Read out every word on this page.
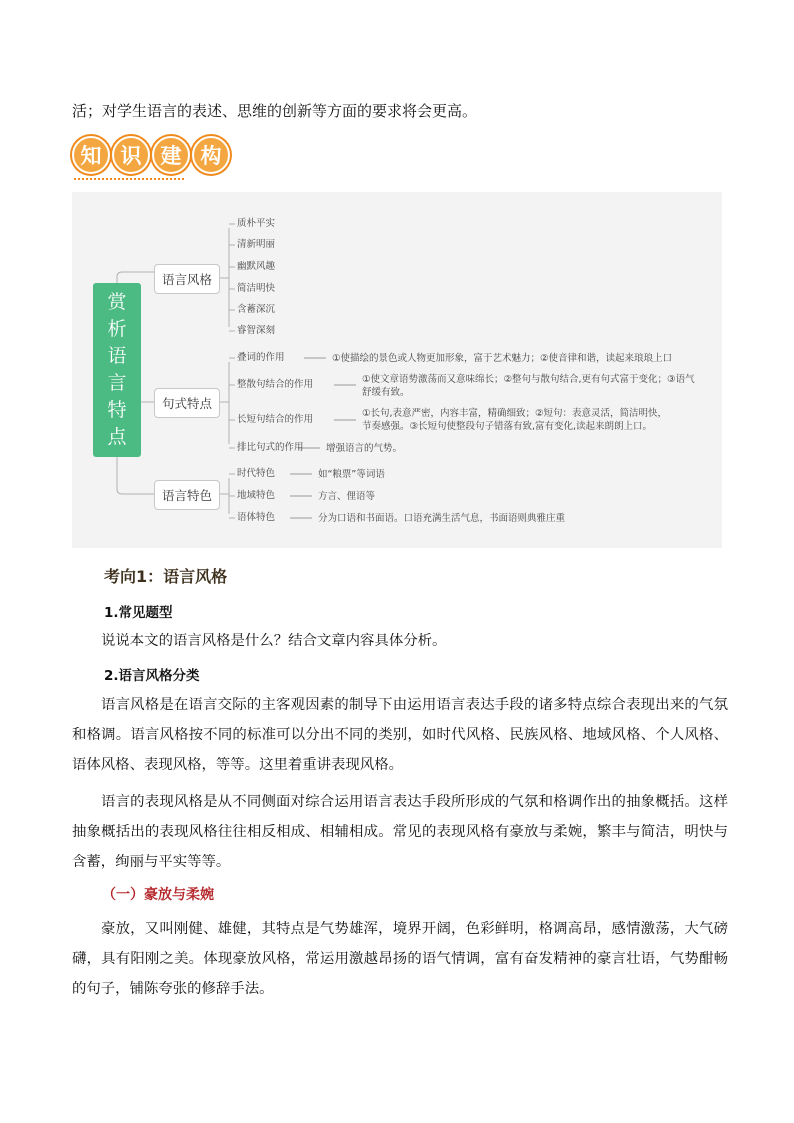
活；对学生语言的表述、思维的创新等方面的要求将会更高。
知 识 建 构
赏
析
语
言
特
点
语言风格
句式特点
语言特色
质朴平实
清新明丽
幽默风趣
简洁明快
含蓄深沉
睿智深刻
叠词的作用
整散句结合的作用
长短句结合的作用
排比句式的作用
时代特色
地域特色
语体特色
①使描绘的景色或人物更加形象，富于艺术魅力；②使音律和谐，读起来琅琅上口
①使文章语势激荡而又意味绵长；②整句与散句结合,更有句式富于变化；③语气舒缓有致。
①长句,表意严密，内容丰富，精确细致；②短句：表意灵活，简洁明快，节奏感强。③长短句使整段句子错落有致,富有变化,读起来朗朗上口。
增强语言的气势。
如“粮票”等词语
方言、俚语等
分为口语和书面语。口语充满生活气息，书面语则典雅庄重
考向1：语言风格
1.常见题型
说说本文的语言风格是什么？结合文章内容具体分析。
2.语言风格分类
语言风格是在语言交际的主客观因素的制导下由运用语言表达手段的诸多特点综合表现出来的气氛和格调。语言风格按不同的标准可以分出不同的类别，如时代风格、民族风格、地域风格、个人风格、语体风格、表现风格，等等。这里着重讲表现风格。
语言的表现风格是从不同侧面对综合运用语言表达手段所形成的气氛和格调作出的抽象概括。这样抽象概括出的表现风格往往相反相成、相辅相成。常见的表现风格有豪放与柔婉，繁丰与简洁，明快与含蓄，绚丽与平实等等。
（一）豪放与柔婉
豪放，又叫刚健、雄健，其特点是气势雄浑，境界开阔，色彩鲜明，格调高昂，感情激荡，大气磅礴，具有阳刚之美。体现豪放风格，常运用激越昂扬的语气情调，富有奋发精神的豪言壮语，气势酣畅的句子，铺陈夸张的修辞手法。
